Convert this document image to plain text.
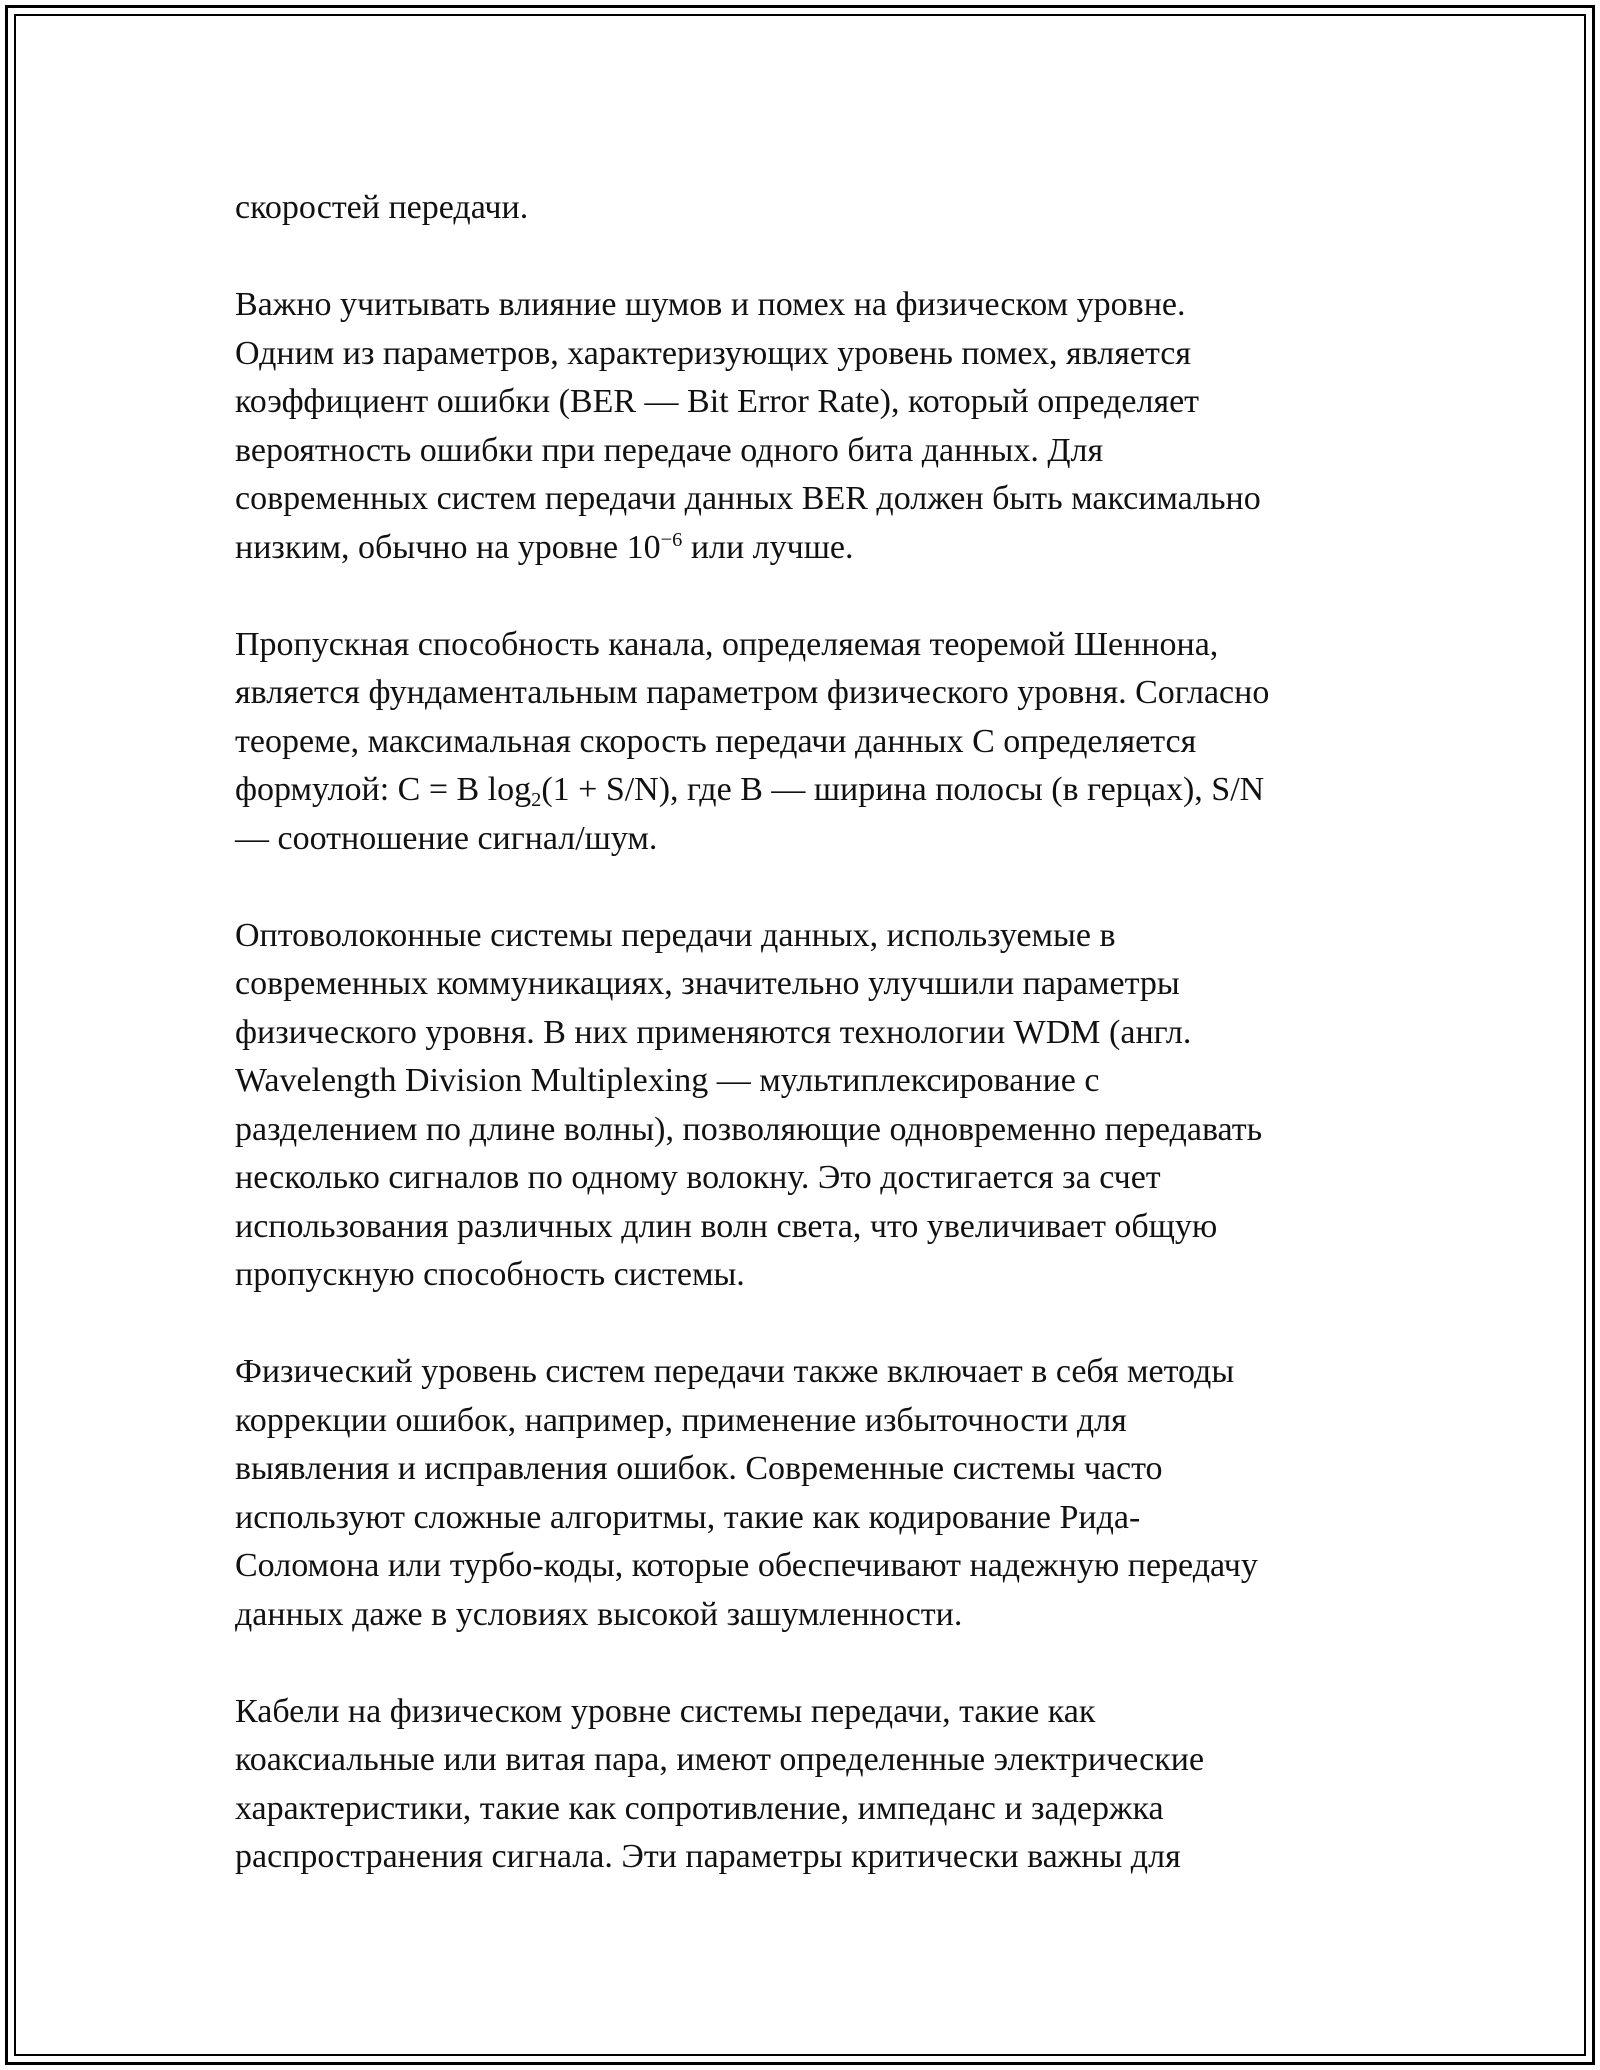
скоростей передачи.

Важно учитывать влияние шумов и помех на физическом уровне.
Одним из параметров, характеризующих уровень помех, является
коэффициент ошибки (BER — Bit Error Rate), который определяет
вероятность ошибки при передаче одного бита данных. Для
современных систем передачи данных BER должен быть максимально
низким, обычно на уровне $10^{-6}$ или лучше.

Пропускная способность канала, определяемая теоремой Шеннона,
является фундаментальным параметром физического уровня. Согласно
теореме, максимальная скорость передачи данных C определяется
формулой: C = B $\log_2(1 + S/N)$, где B — ширина полосы (в герцах), S/N
— соотношение сигнал/шум.

Оптоволоконные системы передачи данных, используемые в
современных коммуникациях, значительно улучшили параметры
физического уровня. В них применяются технологии WDM (англ.
Wavelength Division Multiplexing — мультиплексирование с
разделением по длине волны), позволяющие одновременно передавать
несколько сигналов по одному волокну. Это достигается за счет
использования различных длин волн света, что увеличивает общую
пропускную способность системы.

Физический уровень систем передачи также включает в себя методы
коррекции ошибок, например, применение избыточности для
выявления и исправления ошибок. Современные системы часто
используют сложные алгоритмы, такие как кодирование Рида-
Соломона или турбо-коды, которые обеспечивают надежную передачу
данных даже в условиях высокой зашумленности.

Кабели на физическом уровне системы передачи, такие как
коаксиальные или витая пара, имеют определенные электрические
характеристики, такие как сопротивление, импеданс и задержка
распространения сигнала. Эти параметры критически важны для
